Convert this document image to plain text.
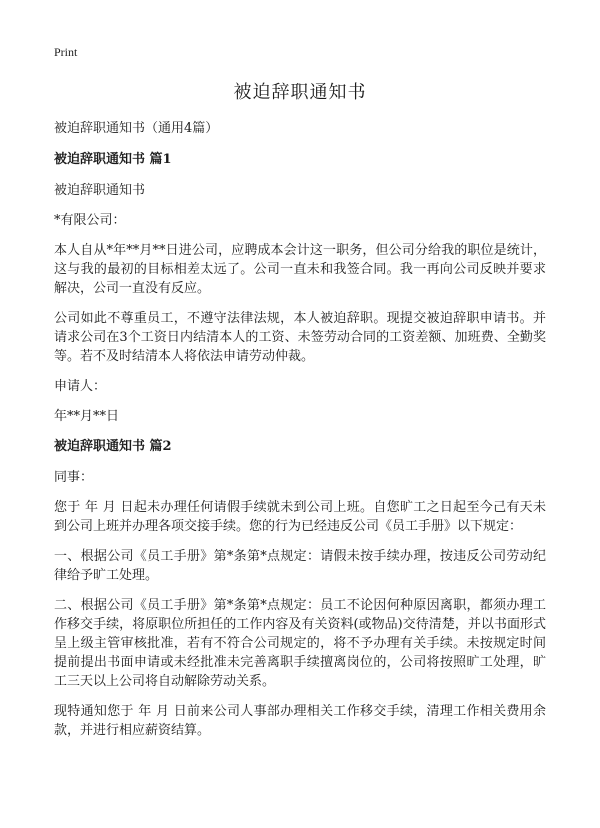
Print

被迫辞职通知书

被迫辞职通知书（通用4篇）

被迫辞职通知书 篇1

被迫辞职通知书

*有限公司：

本人自从*年**月**日进公司，应聘成本会计这一职务，但公司分给我的职位是统计，这与我的最初的目标相差太远了。公司一直未和我签合同。我一再向公司反映并要求解决，公司一直没有反应。

公司如此不尊重员工，不遵守法律法规，本人被迫辞职。现提交被迫辞职申请书。并请求公司在3个工资日内结清本人的工资、未签劳动合同的工资差额、加班费、全勤奖等。若不及时结清本人将依法申请劳动仲裁。

申请人：

年**月**日

被迫辞职通知书 篇2

同事：

您于 年 月 日起未办理任何请假手续就未到公司上班。自您旷工之日起至今己有天未到公司上班并办理各项交接手续。您的行为已经违反公司《员工手册》以下规定：

一、根据公司《员工手册》第*条第*点规定：请假未按手续办理，按违反公司劳动纪律给予旷工处理。

二、根据公司《员工手册》第*条第*点规定：员工不论因何种原因离职，都须办理工作移交手续，将原职位所担任的工作内容及有关资料(或物品)交待清楚，并以书面形式呈上级主管审核批准，若有不符合公司规定的，将不予办理有关手续。未按规定时间提前提出书面申请或未经批准未完善离职手续擅离岗位的，公司将按照旷工处理，旷工三天以上公司将自动解除劳动关系。

现特通知您于 年 月 日前来公司人事部办理相关工作移交手续，清理工作相关费用余款，并进行相应薪资结算。
